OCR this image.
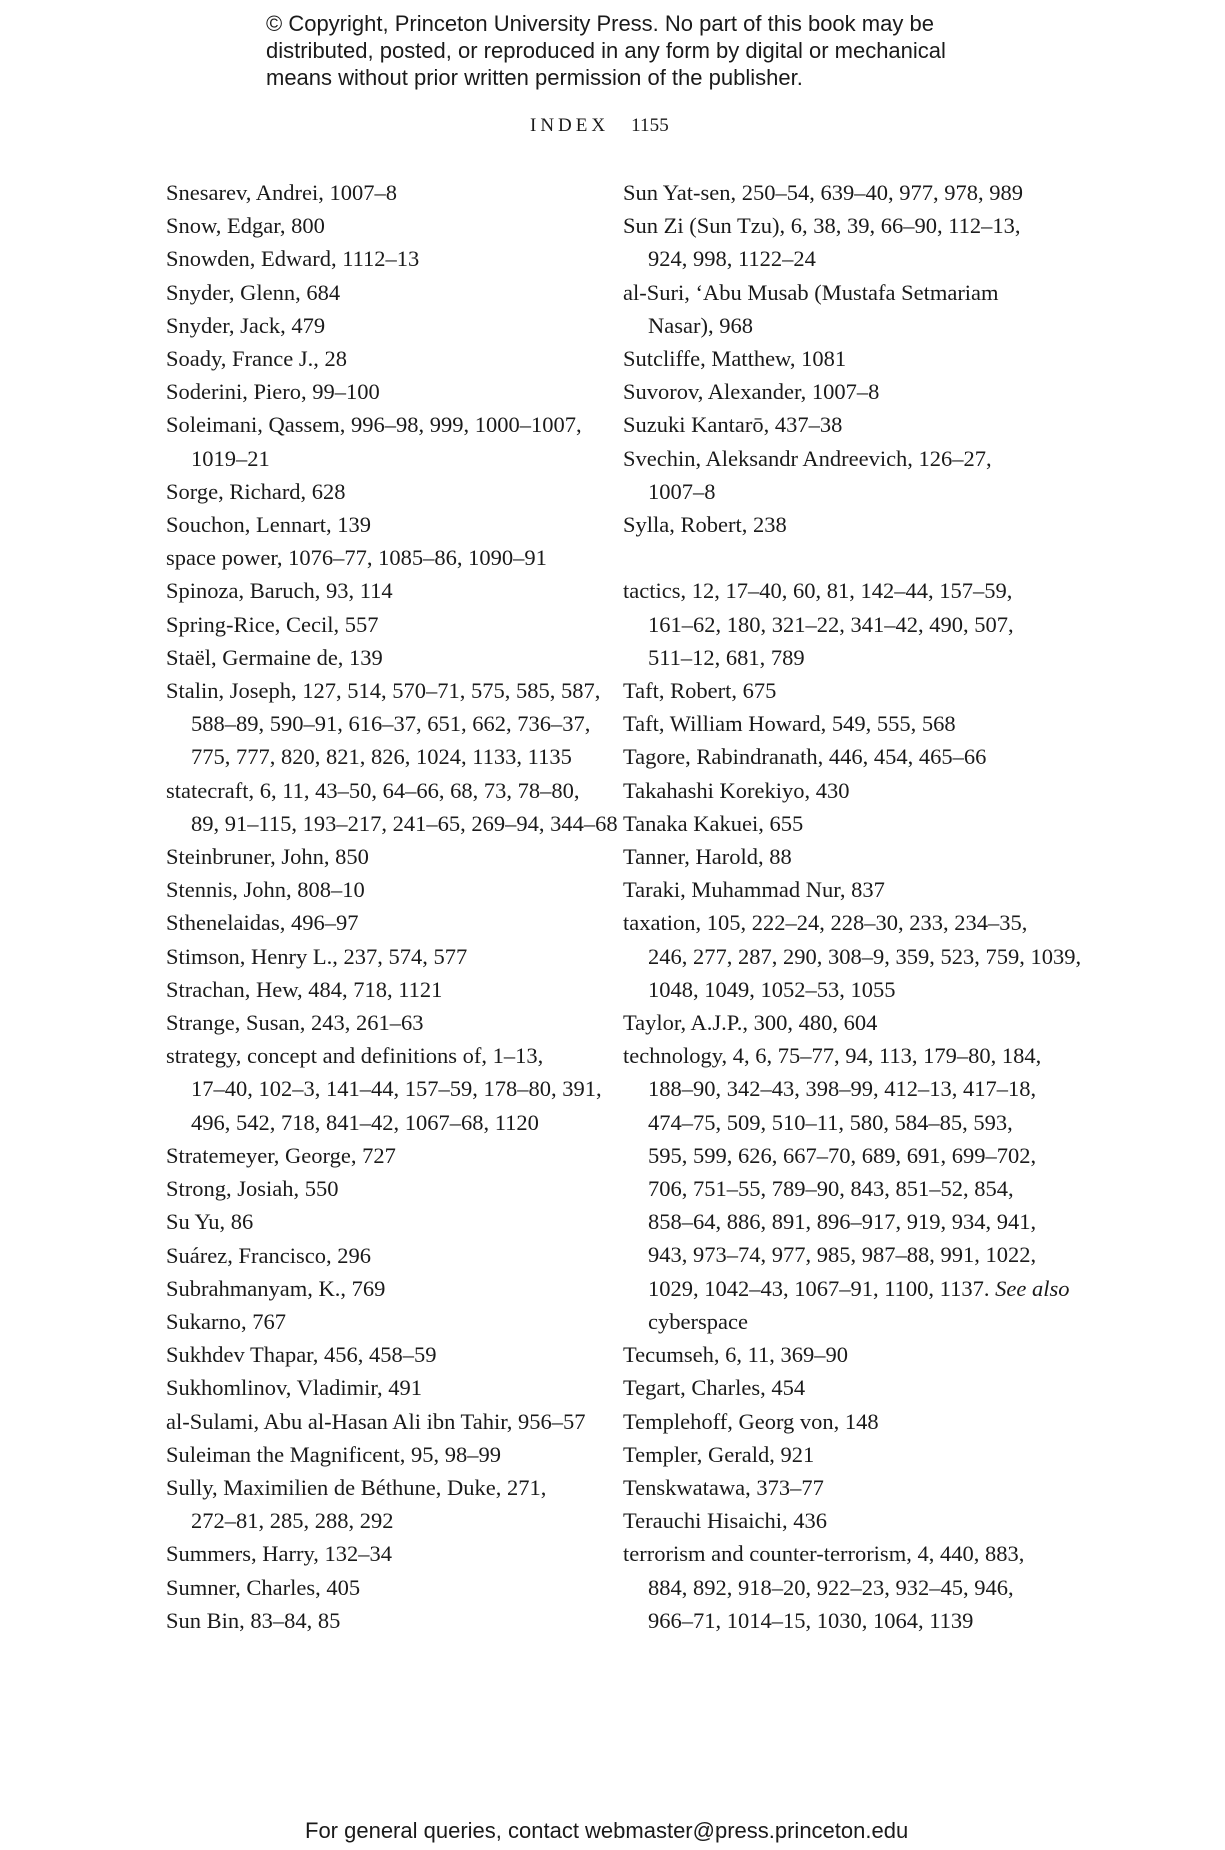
© Copyright, Princeton University Press. No part of this book may be
distributed, posted, or reproduced in any form by digital or mechanical
means without prior written permission of the publisher.
INDEX 1155
Snesarev, Andrei, 1007–8
Snow, Edgar, 800
Snowden, Edward, 1112–13
Snyder, Glenn, 684
Snyder, Jack, 479
Soady, France J., 28
Soderini, Piero, 99–100
Soleimani, Qassem, 996–98, 999, 1000–1007,
1019–21
Sorge, Richard, 628
Souchon, Lennart, 139
space power, 1076–77, 1085–86, 1090–91
Spinoza, Baruch, 93, 114
Spring-Rice, Cecil, 557
Staël, Germaine de, 139
Stalin, Joseph, 127, 514, 570–71, 575, 585, 587,
588–89, 590–91, 616–37, 651, 662, 736–37,
775, 777, 820, 821, 826, 1024, 1133, 1135
statecraft, 6, 11, 43–50, 64–66, 68, 73, 78–80,
89, 91–115, 193–217, 241–65, 269–94, 344–68
Steinbruner, John, 850
Stennis, John, 808–10
Sthenelaidas, 496–97
Stimson, Henry L., 237, 574, 577
Strachan, Hew, 484, 718, 1121
Strange, Susan, 243, 261–63
strategy, concept and definitions of, 1–13,
17–40, 102–3, 141–44, 157–59, 178–80, 391,
496, 542, 718, 841–42, 1067–68, 1120
Stratemeyer, George, 727
Strong, Josiah, 550
Su Yu, 86
Suárez, Francisco, 296
Subrahmanyam, K., 769
Sukarno, 767
Sukhdev Thapar, 456, 458–59
Sukhomlinov, Vladimir, 491
al-Sulami, Abu al-Hasan Ali ibn Tahir, 956–57
Suleiman the Magnificent, 95, 98–99
Sully, Maximilien de Béthune, Duke, 271,
272–81, 285, 288, 292
Summers, Harry, 132–34
Sumner, Charles, 405
Sun Bin, 83–84, 85
Sun Yat-sen, 250–54, 639–40, 977, 978, 989
Sun Zi (Sun Tzu), 6, 38, 39, 66–90, 112–13,
924, 998, 1122–24
al-Suri, ʻAbu Musab (Mustafa Setmariam
Nasar), 968
Sutcliffe, Matthew, 1081
Suvorov, Alexander, 1007–8
Suzuki Kantarō, 437–38
Svechin, Aleksandr Andreevich, 126–27,
1007–8
Sylla, Robert, 238
tactics, 12, 17–40, 60, 81, 142–44, 157–59,
161–62, 180, 321–22, 341–42, 490, 507,
511–12, 681, 789
Taft, Robert, 675
Taft, William Howard, 549, 555, 568
Tagore, Rabindranath, 446, 454, 465–66
Takahashi Korekiyo, 430
Tanaka Kakuei, 655
Tanner, Harold, 88
Taraki, Muhammad Nur, 837
taxation, 105, 222–24, 228–30, 233, 234–35,
246, 277, 287, 290, 308–9, 359, 523, 759, 1039,
1048, 1049, 1052–53, 1055
Taylor, A.J.P., 300, 480, 604
technology, 4, 6, 75–77, 94, 113, 179–80, 184,
188–90, 342–43, 398–99, 412–13, 417–18,
474–75, 509, 510–11, 580, 584–85, 593,
595, 599, 626, 667–70, 689, 691, 699–702,
706, 751–55, 789–90, 843, 851–52, 854,
858–64, 886, 891, 896–917, 919, 934, 941,
943, 973–74, 977, 985, 987–88, 991, 1022,
1029, 1042–43, 1067–91, 1100, 1137. See also
cyberspace
Tecumseh, 6, 11, 369–90
Tegart, Charles, 454
Templehoff, Georg von, 148
Templer, Gerald, 921
Tenskwatawa, 373–77
Terauchi Hisaichi, 436
terrorism and counter-terrorism, 4, 440, 883,
884, 892, 918–20, 922–23, 932–45, 946,
966–71, 1014–15, 1030, 1064, 1139
For general queries, contact webmaster@press.princeton.edu
